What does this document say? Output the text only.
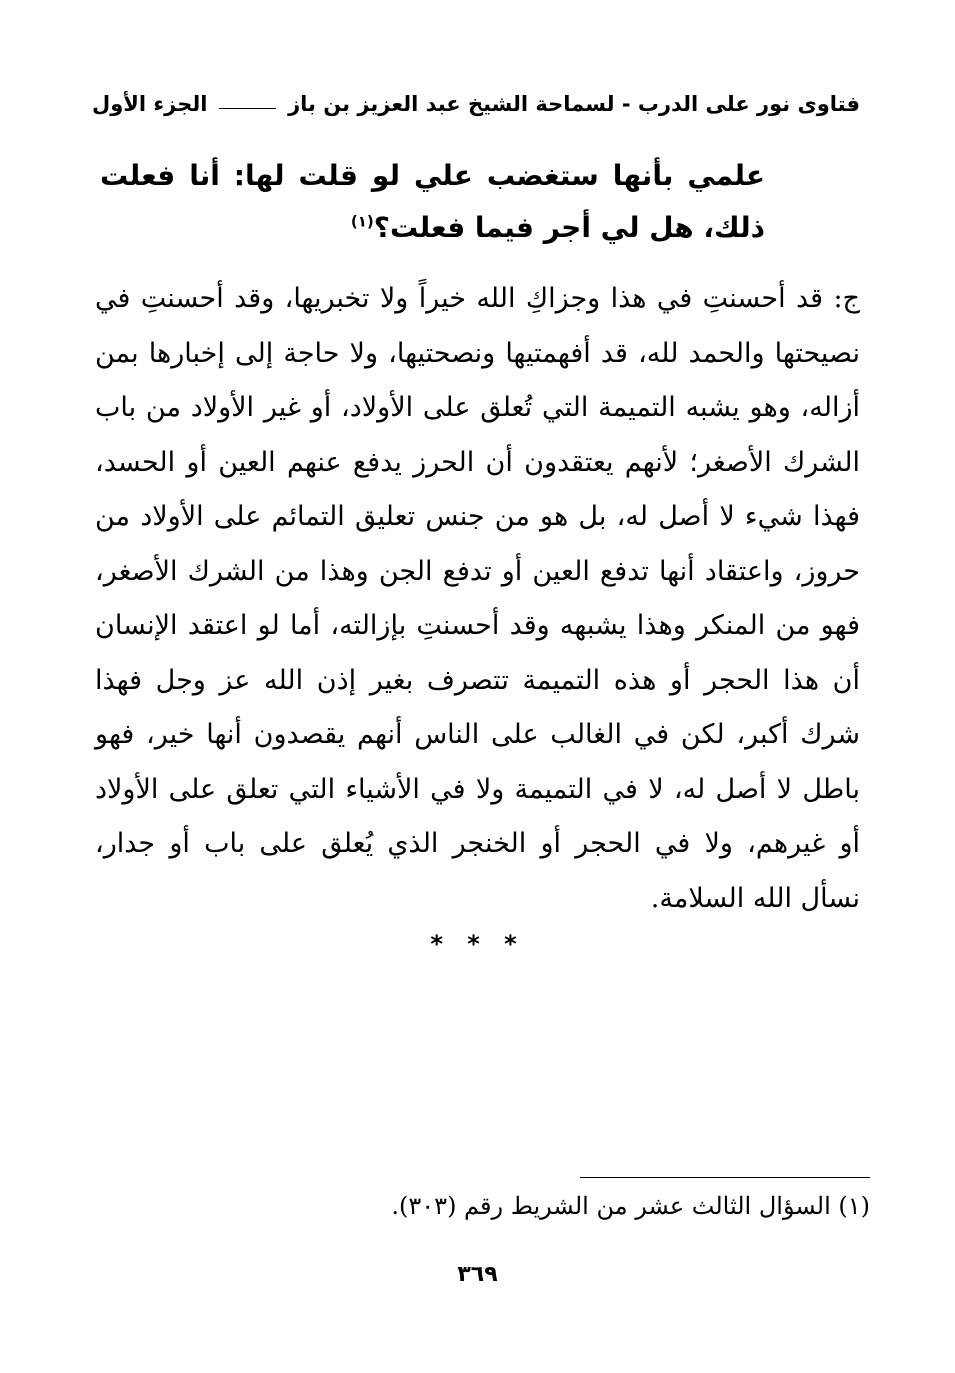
فتاوى نور على الدرب - لسماحة الشيخ عبد العزيز بن باز
الجزء الأول
علمي بأنها ستغضب علي لو قلت لها: أنا فعلت ذلك، هل لي أجر فيما فعلت؟$^{(١)}$
ج: قد أحسنتِ في هذا وجزاكِ الله خيراً ولا تخبريها، وقد أحسنتِ في نصيحتها والحمد لله، قد أفهمتيها ونصحتيها، ولا حاجة إلى إخبارها بمن أزاله، وهو يشبه التميمة التي تُعلق على الأولاد، أو غير الأولاد من باب الشرك الأصغر؛ لأنهم يعتقدون أن الحرز يدفع عنهم العين أو الحسد، فهذا شيء لا أصل له، بل هو من جنس تعليق التمائم على الأولاد من حروز، واعتقاد أنها تدفع العين أو تدفع الجن وهذا من الشرك الأصغر، فهو من المنكر وهذا يشبهه وقد أحسنتِ بإزالته، أما لو اعتقد الإنسان أن هذا الحجر أو هذه التميمة تتصرف بغير إذن الله عز وجل فهذا شرك أكبر، لكن في الغالب على الناس أنهم يقصدون أنها خير، فهو باطل لا أصل له، لا في التميمة ولا في الأشياء التي تعلق على الأولاد أو غيرهم، ولا في الحجر أو الخنجر الذي يُعلق على باب أو جدار، نسأل الله السلامة.
* * *
(١) السؤال الثالث عشر من الشريط رقم (٣٠٣).
٣٦٩
